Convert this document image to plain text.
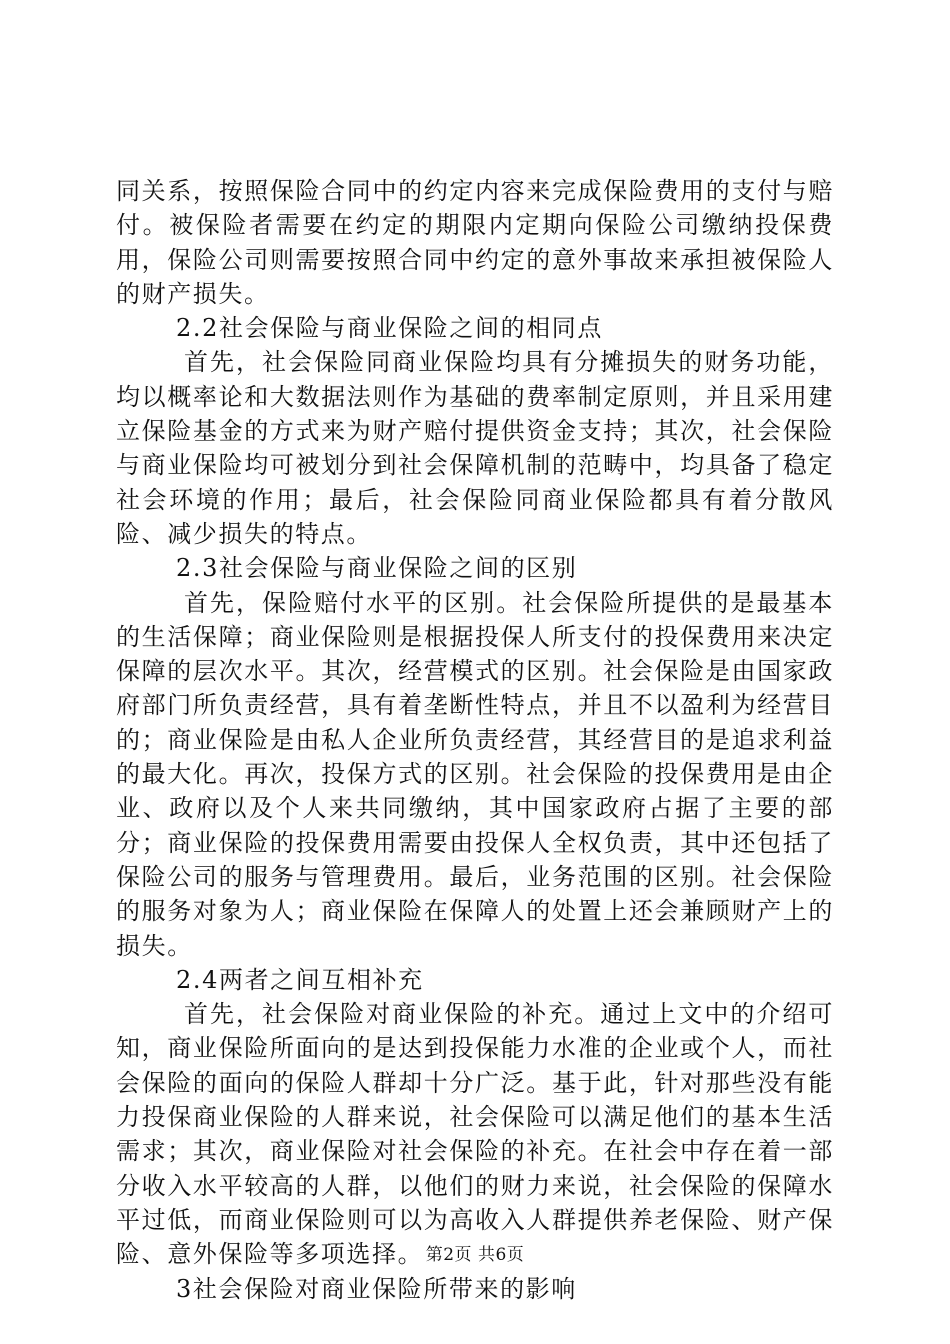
同关系，按照保险合同中的约定内容来完成保险费用的支付与赔付。被保险者需要在约定的期限内定期向保险公司缴纳投保费用，保险公司则需要按照合同中约定的意外事故来承担被保险人的财产损失。

2.2社会保险与商业保险之间的相同点

首先，社会保险同商业保险均具有分摊损失的财务功能，均以概率论和大数据法则作为基础的费率制定原则，并且采用建立保险基金的方式来为财产赔付提供资金支持；其次，社会保险与商业保险均可被划分到社会保障机制的范畴中，均具备了稳定社会环境的作用；最后，社会保险同商业保险都具有着分散风险、减少损失的特点。

2.3社会保险与商业保险之间的区别

首先，保险赔付水平的区别。社会保险所提供的是最基本的生活保障；商业保险则是根据投保人所支付的投保费用来决定保障的层次水平。其次，经营模式的区别。社会保险是由国家政府部门所负责经营，具有着垄断性特点，并且不以盈利为经营目的；商业保险是由私人企业所负责经营，其经营目的是追求利益的最大化。再次，投保方式的区别。社会保险的投保费用是由企业、政府以及个人来共同缴纳，其中国家政府占据了主要的部分；商业保险的投保费用需要由投保人全权负责，其中还包括了保险公司的服务与管理费用。最后，业务范围的区别。社会保险的服务对象为人；商业保险在保障人的处置上还会兼顾财产上的损失。

2.4两者之间互相补充

首先，社会保险对商业保险的补充。通过上文中的介绍可知，商业保险所面向的是达到投保能力水准的企业或个人，而社会保险的面向的保险人群却十分广泛。基于此，针对那些没有能力投保商业保险的人群来说，社会保险可以满足他们的基本生活需求；其次，商业保险对社会保险的补充。在社会中存在着一部分收入水平较高的人群，以他们的财力来说，社会保险的保障水平过低，而商业保险则可以为高收入人群提供养老保险、财产保险、意外保险等多项选择。

3社会保险对商业保险所带来的影响

第2页 共6页
